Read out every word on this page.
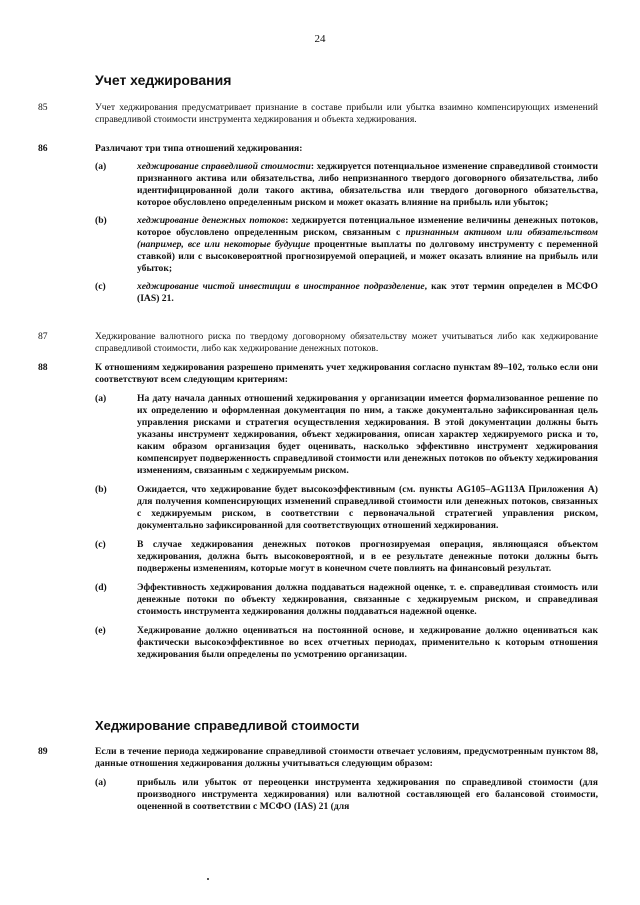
24
Учет хеджирования
85	Учет хеджирования предусматривает признание в составе прибыли или убытка взаимно компенсирующих изменений справедливой стоимости инструмента хеджирования и объекта хеджирования.
86	Различают три типа отношений хеджирования:
(a)	хеджирование справедливой стоимости: хеджируется потенциальное изменение справедливой стоимости признанного актива или обязательства, либо непризнанного твердого договорного обязательства, либо идентифицированной доли такого актива, обязательства или твердого договорного обязательства, которое обусловлено определенным риском и может оказать влияние на прибыль или убыток;
(b)	хеджирование денежных потоков: хеджируется потенциальное изменение величины денежных потоков, которое обусловлено определенным риском, связанным с признанным активом или обязательством (например, все или некоторые будущие процентные выплаты по долговому инструменту с переменной ставкой) или с высоковероятной прогнозируемой операцией, и может оказать влияние на прибыль или убыток;
(c)	хеджирование чистой инвестиции в иностранное подразделение, как этот термин определен в МСФО (IAS) 21.
87	Хеджирование валютного риска по твердому договорному обязательству может учитываться либо как хеджирование справедливой стоимости, либо как хеджирование денежных потоков.
88	К отношениям хеджирования разрешено применять учет хеджирования согласно пунктам 89–102, только если они соответствуют всем следующим критериям:
(a)	На дату начала данных отношений хеджирования у организации имеется формализованное решение по их определению и оформленная документация по ним, а также документально зафиксированная цель управления рисками и стратегия осуществления хеджирования. В этой документации должны быть указаны инструмент хеджирования, объект хеджирования, описан характер хеджируемого риска и то, каким образом организация будет оценивать, насколько эффективно инструмент хеджирования компенсирует подверженность справедливой стоимости или денежных потоков по объекту хеджирования изменениям, связанным с хеджируемым риском.
(b)	Ожидается, что хеджирование будет высокоэффективным (см. пункты AG105–AG113A Приложения А) для получения компенсирующих изменений справедливой стоимости или денежных потоков, связанных с хеджируемым риском, в соответствии с первоначальной стратегией управления риском, документально зафиксированной для соответствующих отношений хеджирования.
(c)	В случае хеджирования денежных потоков прогнозируемая операция, являющаяся объектом хеджирования, должна быть высоковероятной, и в ее результате денежные потоки должны быть подвержены изменениям, которые могут в конечном счете повлиять на финансовый результат.
(d)	Эффективность хеджирования должна поддаваться надежной оценке, т. е. справедливая стоимость или денежные потоки по объекту хеджирования, связанные с хеджируемым риском, и справедливая стоимость инструмента хеджирования должны поддаваться надежной оценке.
(e)	Хеджирование должно оцениваться на постоянной основе, и хеджирование должно оцениваться как фактически высокоэффективное во всех отчетных периодах, применительно к которым отношения хеджирования были определены по усмотрению организации.
Хеджирование справедливой стоимости
89	Если в течение периода хеджирование справедливой стоимости отвечает условиям, предусмотренным пунктом 88, данные отношения хеджирования должны учитываться следующим образом:
(a)	прибыль или убыток от переоценки инструмента хеджирования по справедливой стоимости (для производного инструмента хеджирования) или валютной составляющей его балансовой стоимости, оцененной в соответствии с МСФО (IAS) 21 (для
